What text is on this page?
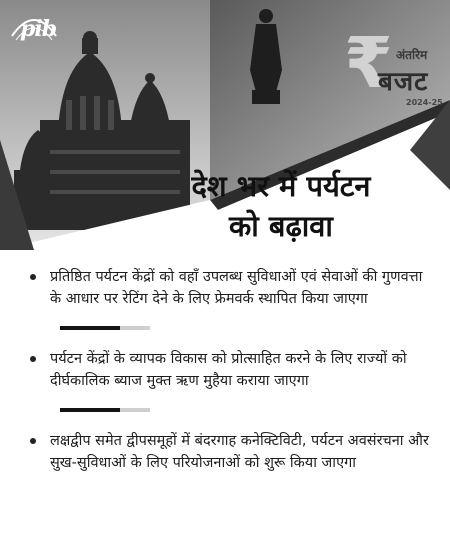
pib	₹ अंतरिम
बजट
2024-25
देश भर में पर्यटन
को बढ़ावा
प्रतिष्ठित पर्यटन केंद्रों को वहाँ उपलब्ध सुविधाओं एवं सेवाओं की गुणवत्ता के आधार पर रेटिंग देने के लिए फ्रेमवर्क स्थापित किया जाएगा
पर्यटन केंद्रों के व्यापक विकास को प्रोत्साहित करने के लिए राज्यों को दीर्घकालिक ब्याज मुक्त ऋण मुहैया कराया जाएगा
लक्षद्वीप समेत द्वीपसमूहों में बंदरगाह कनेक्टिविटी, पर्यटन अवसंरचना और सुख-सुविधाओं के लिए परियोजनाओं को शुरू किया जाएगा
